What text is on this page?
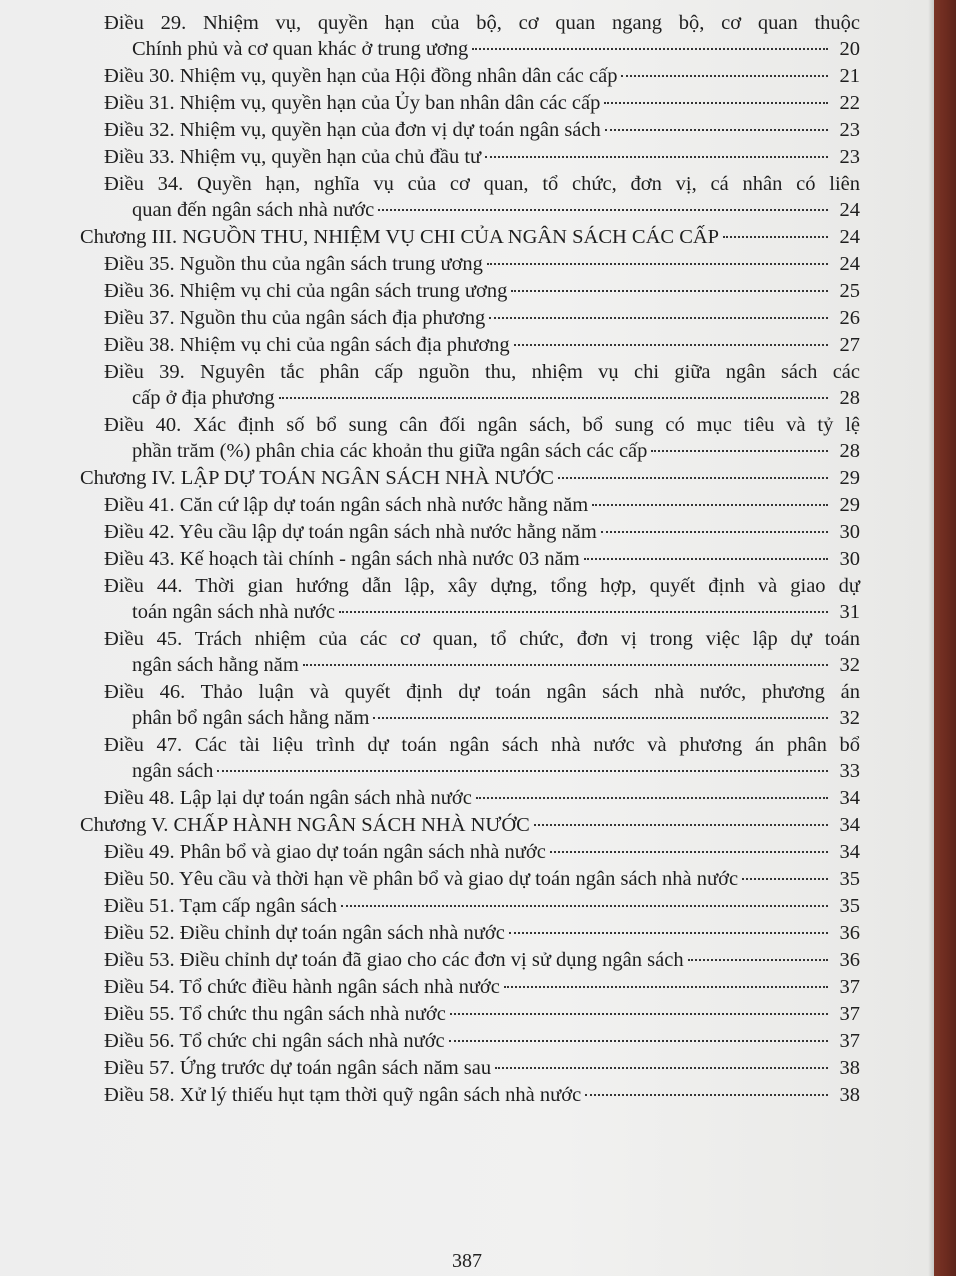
Điều 29. Nhiệm vụ, quyền hạn của bộ, cơ quan ngang bộ, cơ quan thuộc
Chính phủ và cơ quan khác ở trung ương	20
Điều 30. Nhiệm vụ, quyền hạn của Hội đồng nhân dân các cấp	21
Điều 31. Nhiệm vụ, quyền hạn của Ủy ban nhân dân các cấp	22
Điều 32. Nhiệm vụ, quyền hạn của đơn vị dự toán ngân sách	23
Điều 33. Nhiệm vụ, quyền hạn của chủ đầu tư	23
Điều 34. Quyền hạn, nghĩa vụ của cơ quan, tổ chức, đơn vị, cá nhân có liên
quan đến ngân sách nhà nước	24
Chương III. NGUỒN THU, NHIỆM VỤ CHI CỦA NGÂN SÁCH CÁC CẤP	24
Điều 35. Nguồn thu của ngân sách trung ương	24
Điều 36. Nhiệm vụ chi của ngân sách trung ương	25
Điều 37. Nguồn thu của ngân sách địa phương	26
Điều 38. Nhiệm vụ chi của ngân sách địa phương	27
Điều 39. Nguyên tắc phân cấp nguồn thu, nhiệm vụ chi giữa ngân sách các
cấp ở địa phương	28
Điều 40. Xác định số bổ sung cân đối ngân sách, bổ sung có mục tiêu và tỷ lệ
phần trăm (%) phân chia các khoản thu giữa ngân sách các cấp	28
Chương IV. LẬP DỰ TOÁN NGÂN SÁCH NHÀ NƯỚC	29
Điều 41. Căn cứ lập dự toán ngân sách nhà nước hằng năm	29
Điều 42. Yêu cầu lập dự toán ngân sách nhà nước hằng năm	30
Điều 43. Kế hoạch tài chính - ngân sách nhà nước 03 năm	30
Điều 44. Thời gian hướng dẫn lập, xây dựng, tổng hợp, quyết định và giao dự
toán ngân sách nhà nước	31
Điều 45. Trách nhiệm của các cơ quan, tổ chức, đơn vị trong việc lập dự toán
ngân sách hằng năm	32
Điều 46. Thảo luận và quyết định dự toán ngân sách nhà nước, phương án
phân bổ ngân sách hằng năm	32
Điều 47. Các tài liệu trình dự toán ngân sách nhà nước và phương án phân bổ
ngân sách	33
Điều 48. Lập lại dự toán ngân sách nhà nước	34
Chương V. CHẤP HÀNH NGÂN SÁCH NHÀ NƯỚC	34
Điều 49. Phân bổ và giao dự toán ngân sách nhà nước	34
Điều 50. Yêu cầu và thời hạn về phân bổ và giao dự toán ngân sách nhà nước	35
Điều 51. Tạm cấp ngân sách	35
Điều 52. Điều chỉnh dự toán ngân sách nhà nước	36
Điều 53. Điều chỉnh dự toán đã giao cho các đơn vị sử dụng ngân sách	36
Điều 54. Tổ chức điều hành ngân sách nhà nước	37
Điều 55. Tổ chức thu ngân sách nhà nước	37
Điều 56. Tổ chức chi ngân sách nhà nước	37
Điều 57. Ứng trước dự toán ngân sách năm sau	38
Điều 58. Xử lý thiếu hụt tạm thời quỹ ngân sách nhà nước	38
387
